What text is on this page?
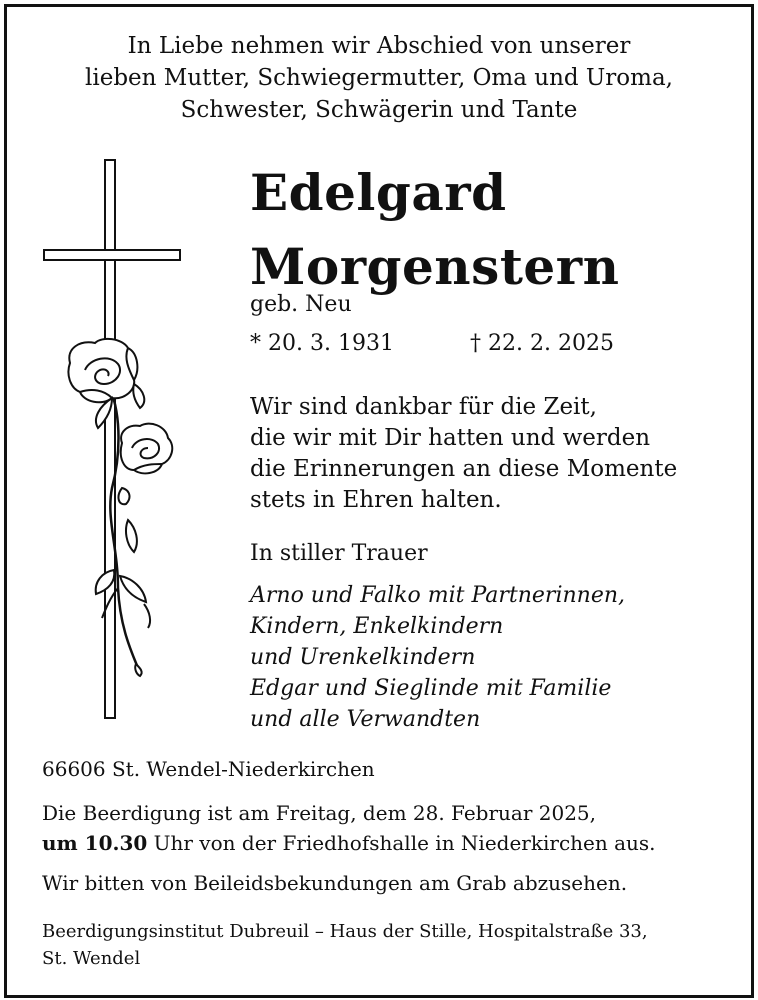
In Liebe nehmen wir Abschied von unserer
lieben Mutter, Schwiegermutter, Oma und Uroma,
Schwester, Schwägerin und Tante
Edelgard
Morgenstern
geb. Neu
* 20. 3. 1931	† 22. 2. 2025
Wir sind dankbar für die Zeit,
die wir mit Dir hatten und werden
die Erinnerungen an diese Momente
stets in Ehren halten.
In stiller Trauer
Arno und Falko mit Partnerinnen,
Kindern, Enkelkindern
und Urenkelkindern
Edgar und Sieglinde mit Familie
und alle Verwandten
66606 St. Wendel-Niederkirchen
Die Beerdigung ist am Freitag, dem 28. Februar 2025,
um 10.30 Uhr von der Friedhofshalle in Niederkirchen aus.
Wir bitten von Beileidsbekundungen am Grab abzusehen.
Beerdigungsinstitut Dubreuil – Haus der Stille, Hospitalstraße 33,
St. Wendel
